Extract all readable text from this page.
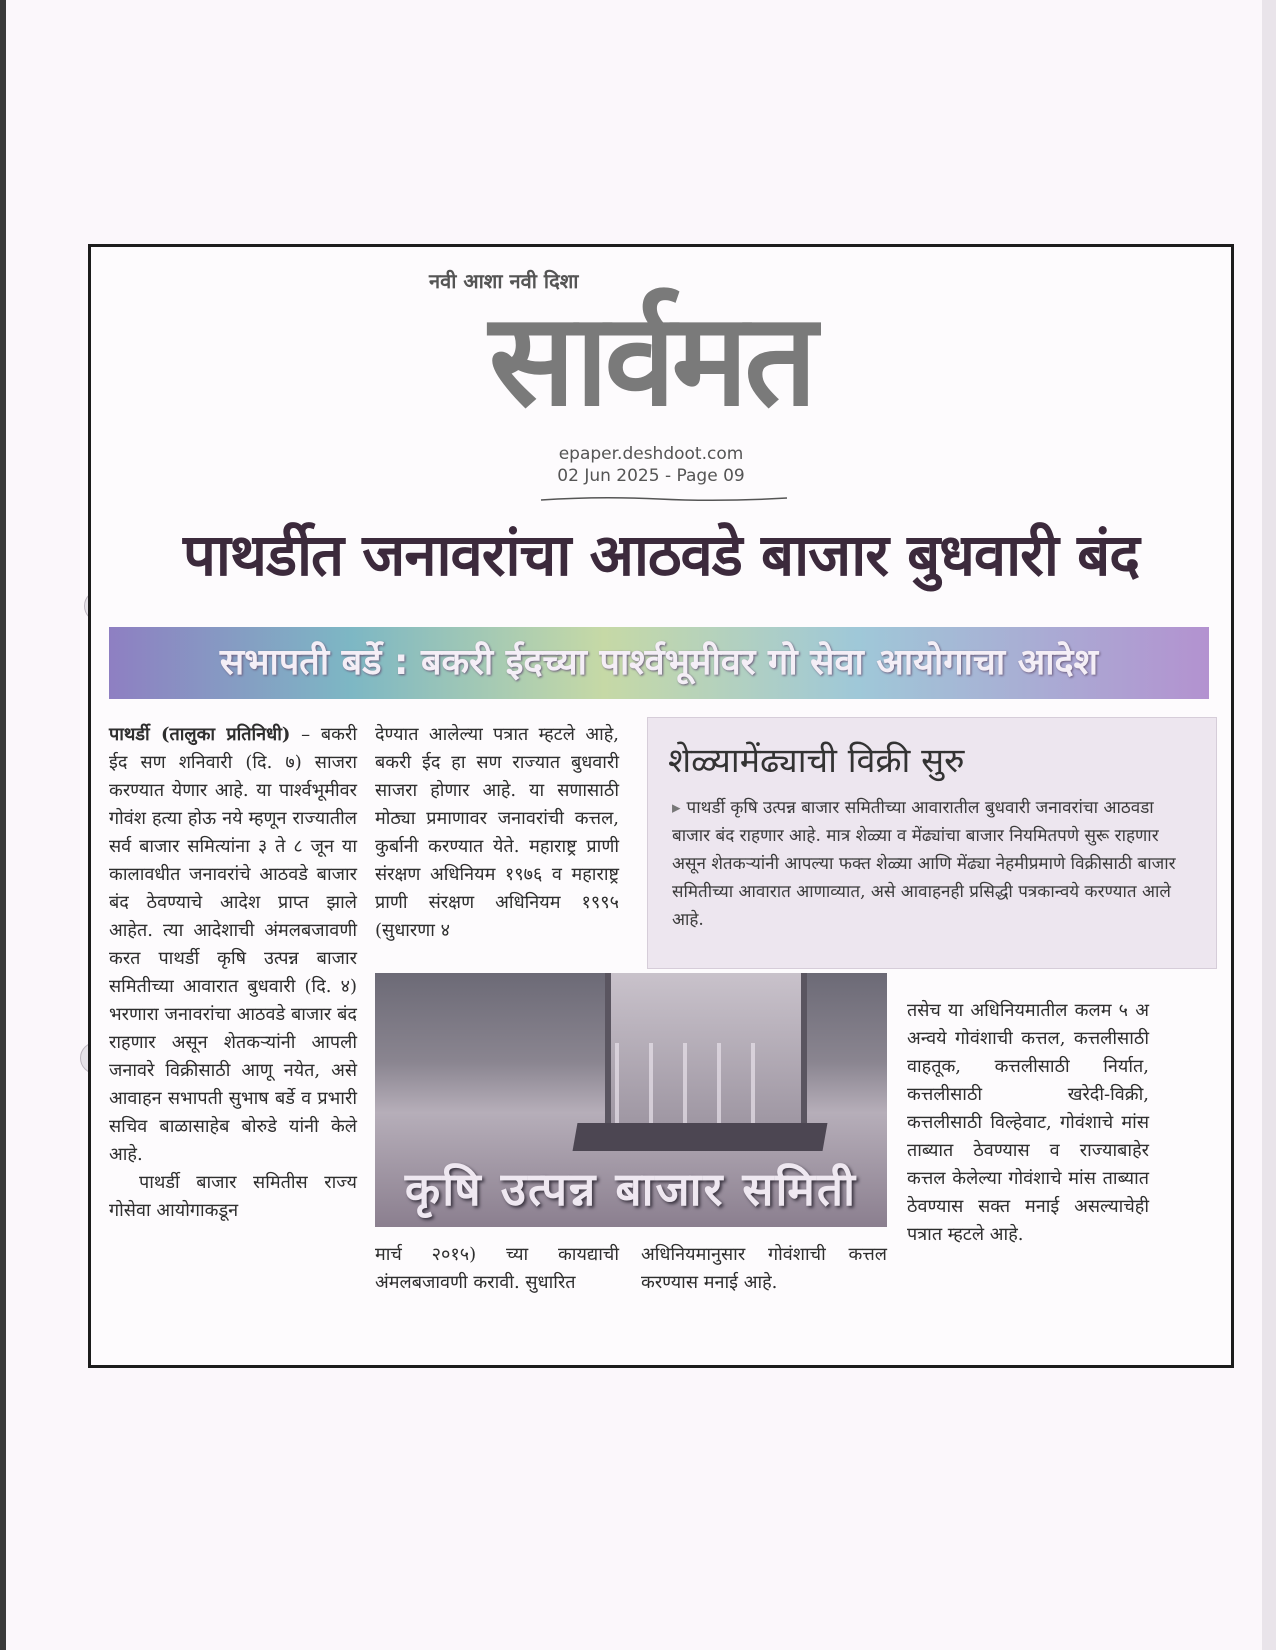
नवी आशा नवी दिशा
सार्वमत
epaper.deshdoot.com
02 Jun 2025 - Page 09
पाथर्डीत जनावरांचा आठवडे बाजार बुधवारी बंद
सभापती बर्डे : बकरी ईदच्या पार्श्वभूमीवर गो सेवा आयोगाचा आदेश

पाथर्डी (तालुका प्रतिनिधी) – बकरी ईद सण शनिवारी (दि. ७) साजरा करण्यात येणार आहे. या पार्श्वभूमीवर गोवंश हत्या होऊ नये म्हणून राज्यातील सर्व बाजार समित्यांना ३ ते ८ जून या कालावधीत जनावरांचे आठवडे बाजार बंद ठेवण्याचे आदेश प्राप्त झाले आहेत. त्या आदेशाची अंमलबजावणी करत पाथर्डी कृषि उत्पन्न बाजार समितीच्या आवारात बुधवारी (दि. ४) भरणारा जनावरांचा आठवडे बाजार बंद राहणार असून शेतकऱ्यांनी आपली जनावरे विक्रीसाठी आणू नयेत, असे आवाहन सभापती सुभाष बर्डे व प्रभारी सचिव बाळासाहेब बोरुडे यांनी केले आहे.

पाथर्डी बाजार समितीस राज्य गोसेवा आयोगाकडून

देण्यात आलेल्या पत्रात म्हटले आहे, बकरी ईद हा सण राज्यात बुधवारी साजरा होणार आहे. या सणासाठी मोठ्या प्रमाणावर जनावरांची कत्तल, कुर्बानी करण्यात येते. महाराष्ट्र प्राणी संरक्षण अधिनियम १९७६ व महाराष्ट्र प्राणी संरक्षण अधिनियम १९९५ (सुधारणा ४
शेळ्यामेंढ्याची विक्री सुरु
▸ पाथर्डी कृषि उत्पन्न बाजार समितीच्या आवारातील बुधवारी जनावरांचा आठवडा बाजार बंद राहणार आहे. मात्र शेळ्या व मेंढ्यांचा बाजार नियमितपणे सुरू राहणार असून शेतकऱ्यांनी आपल्या फक्त शेळ्या आणि मेंढ्या नेहमीप्रमाणे विक्रीसाठी बाजार समितीच्या आवारात आणाव्यात, असे आवाहनही प्रसिद्धी पत्रकान्वये करण्यात आले आहे.
कृषि उत्पन्न बाजार समिती
मार्च २०१५) च्या कायद्याची अंमलबजावणी करावी. सुधारित
अधिनियमानुसार गोवंशाची कत्तल करण्यास मनाई आहे.
तसेच या अधिनियमातील कलम ५ अ अन्वये गोवंशाची कत्तल, कत्तलीसाठी वाहतूक, कत्तलीसाठी निर्यात, कत्तलीसाठी खरेदी-विक्री, कत्तलीसाठी विल्हेवाट, गोवंशाचे मांस ताब्यात ठेवण्यास व राज्याबाहेर कत्तल केलेल्या गोवंशाचे मांस ताब्यात ठेवण्यास सक्त मनाई असल्याचेही पत्रात म्हटले आहे.
